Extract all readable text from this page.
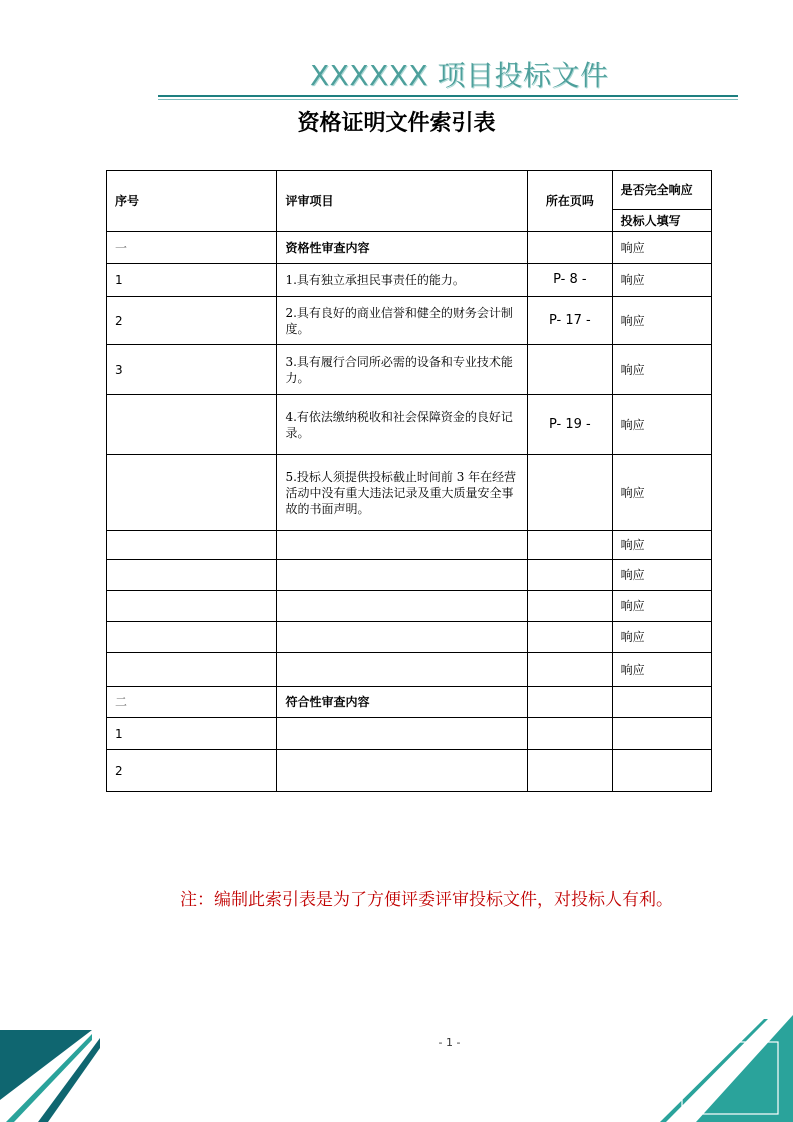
XXXXXX 项目投标文件
资格证明文件索引表
序号	评审项目	所在页吗	是否完全响应
			投标人填写
一	资格性审查内容		响应
1	1.具有独立承担民事责任的能力。	P- 8 -	响应
2	2.具有良好的商业信誉和健全的财务会计制度。	P- 17 -	响应
3	3.具有履行合同所必需的设备和专业技术能力。		响应
	4.有依法缴纳税收和社会保障资金的良好记录。	P- 19 -	响应
	5.投标人须提供投标截止时间前 3 年在经营活动中没有重大违法记录及重大质量安全事故的书面声明。		响应
			响应
			响应
			响应
			响应
			响应
二	符合性审查内容		
1			
2			
注：编制此索引表是为了方便评委评审投标文件，对投标人有利。
- 1 -
